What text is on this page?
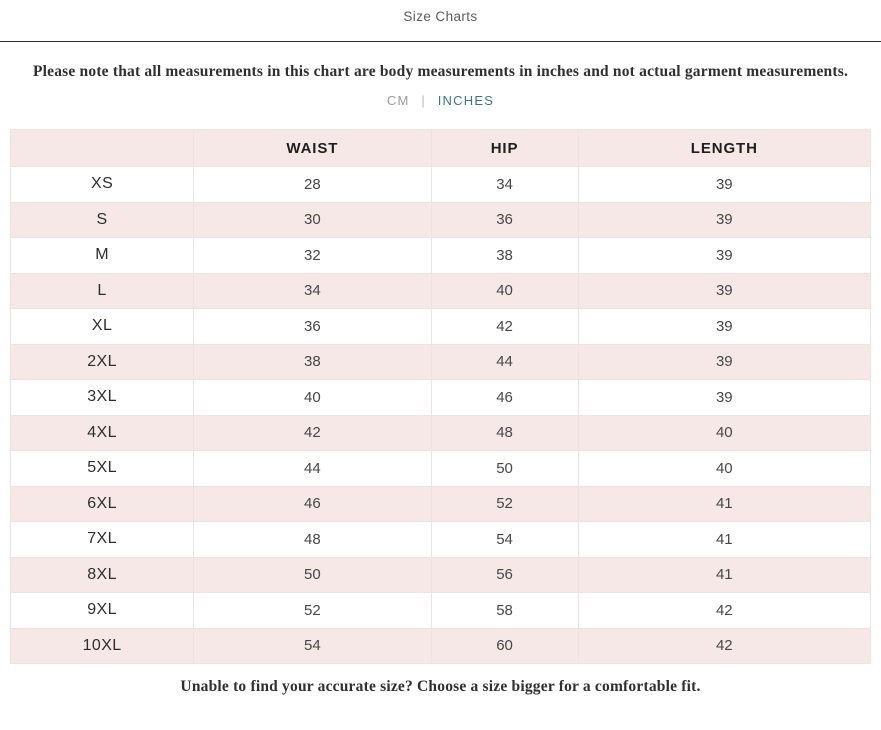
Size Charts
Please note that all measurements in this chart are body measurements in inches and not actual garment measurements.
CM | INCHES
	WAIST	HIP	LENGTH
XS	28	34	39
S	30	36	39
M	32	38	39
L	34	40	39
XL	36	42	39
2XL	38	44	39
3XL	40	46	39
4XL	42	48	40
5XL	44	50	40
6XL	46	52	41
7XL	48	54	41
8XL	50	56	41
9XL	52	58	42
10XL	54	60	42
Unable to find your accurate size? Choose a size bigger for a comfortable fit.
